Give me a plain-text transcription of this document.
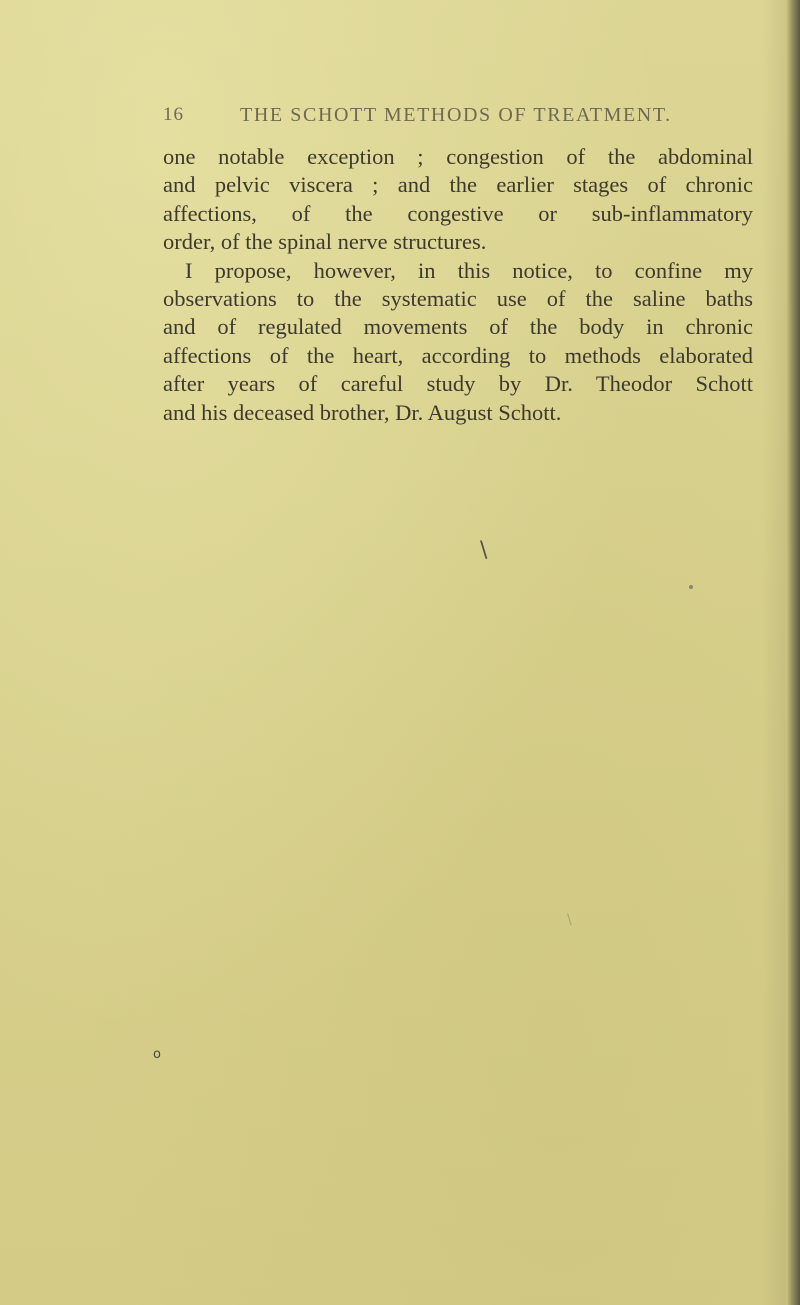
16	THE SCHOTT METHODS OF TREATMENT.
one notable exception ; congestion of the abdominal
and pelvic viscera ; and the earlier stages of chronic
affections, of the congestive or sub-inflammatory
order, of the spinal nerve structures.
I propose, however, in this notice, to confine my
observations to the systematic use of the saline baths
and of regulated movements of the body in chronic
affections of the heart, according to methods elaborated
after years of careful study by Dr. Theodor Schott
and his deceased brother, Dr. August Schott.
\
\
o
